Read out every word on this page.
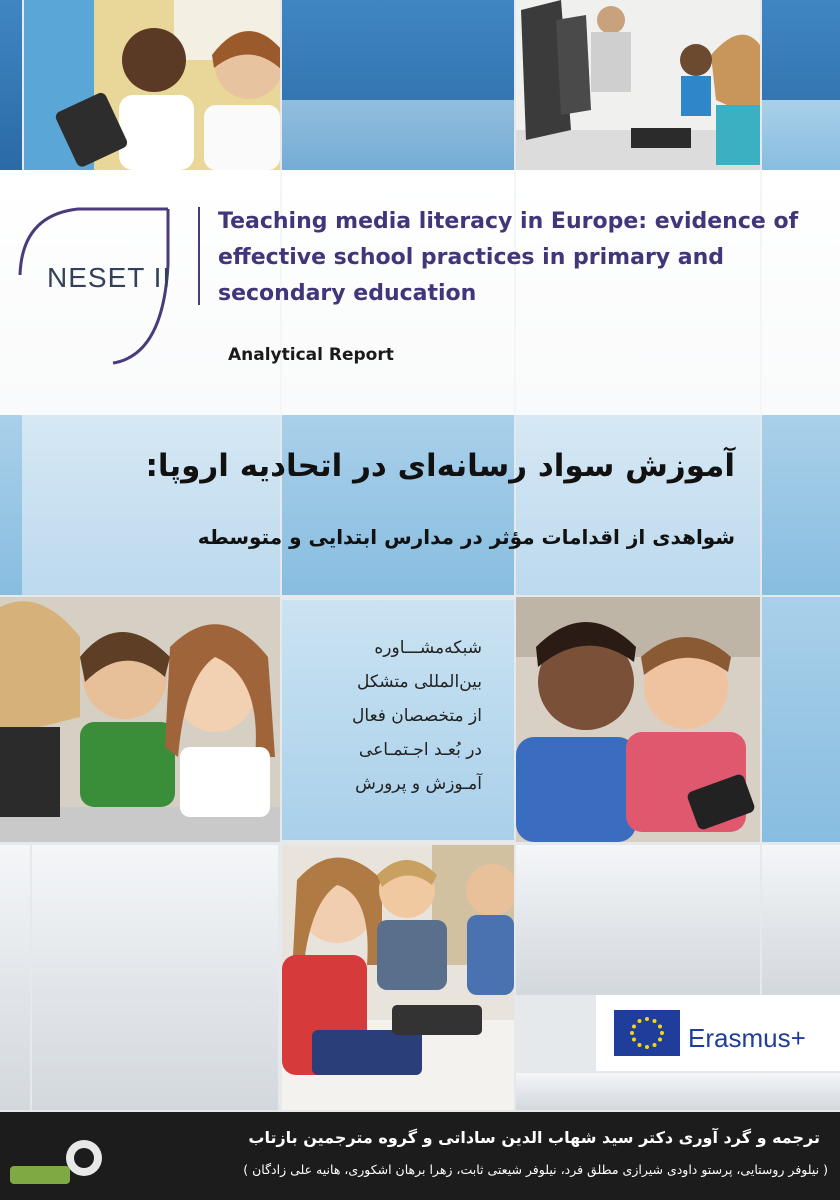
NESET II
Teaching media literacy in Europe: evidence of effective school practices in primary and secondary education
Analytical Report
آموزش سواد رسانه‌ای در اتحادیه اروپا:
شواهدی از اقدامات مؤثر در مدارس ابتدایی و متوسطه
شبکه‌مشـــاوره
بین‌المللی متشکل
از متخصصان فعال
در بُعـد اجـتمـاعی
آمـوزش و پرورش
Erasmus+
ترجمه و گرد آوری دکتر سید شهاب الدین ساداتی و گروه مترجمین بازتاب
( نیلوفر روستایی، پرستو داودی شیرازی مطلق فرد، نیلوفر شیعتی ثابت، زهرا برهان اشکوری، هانیه علی زادگان )
